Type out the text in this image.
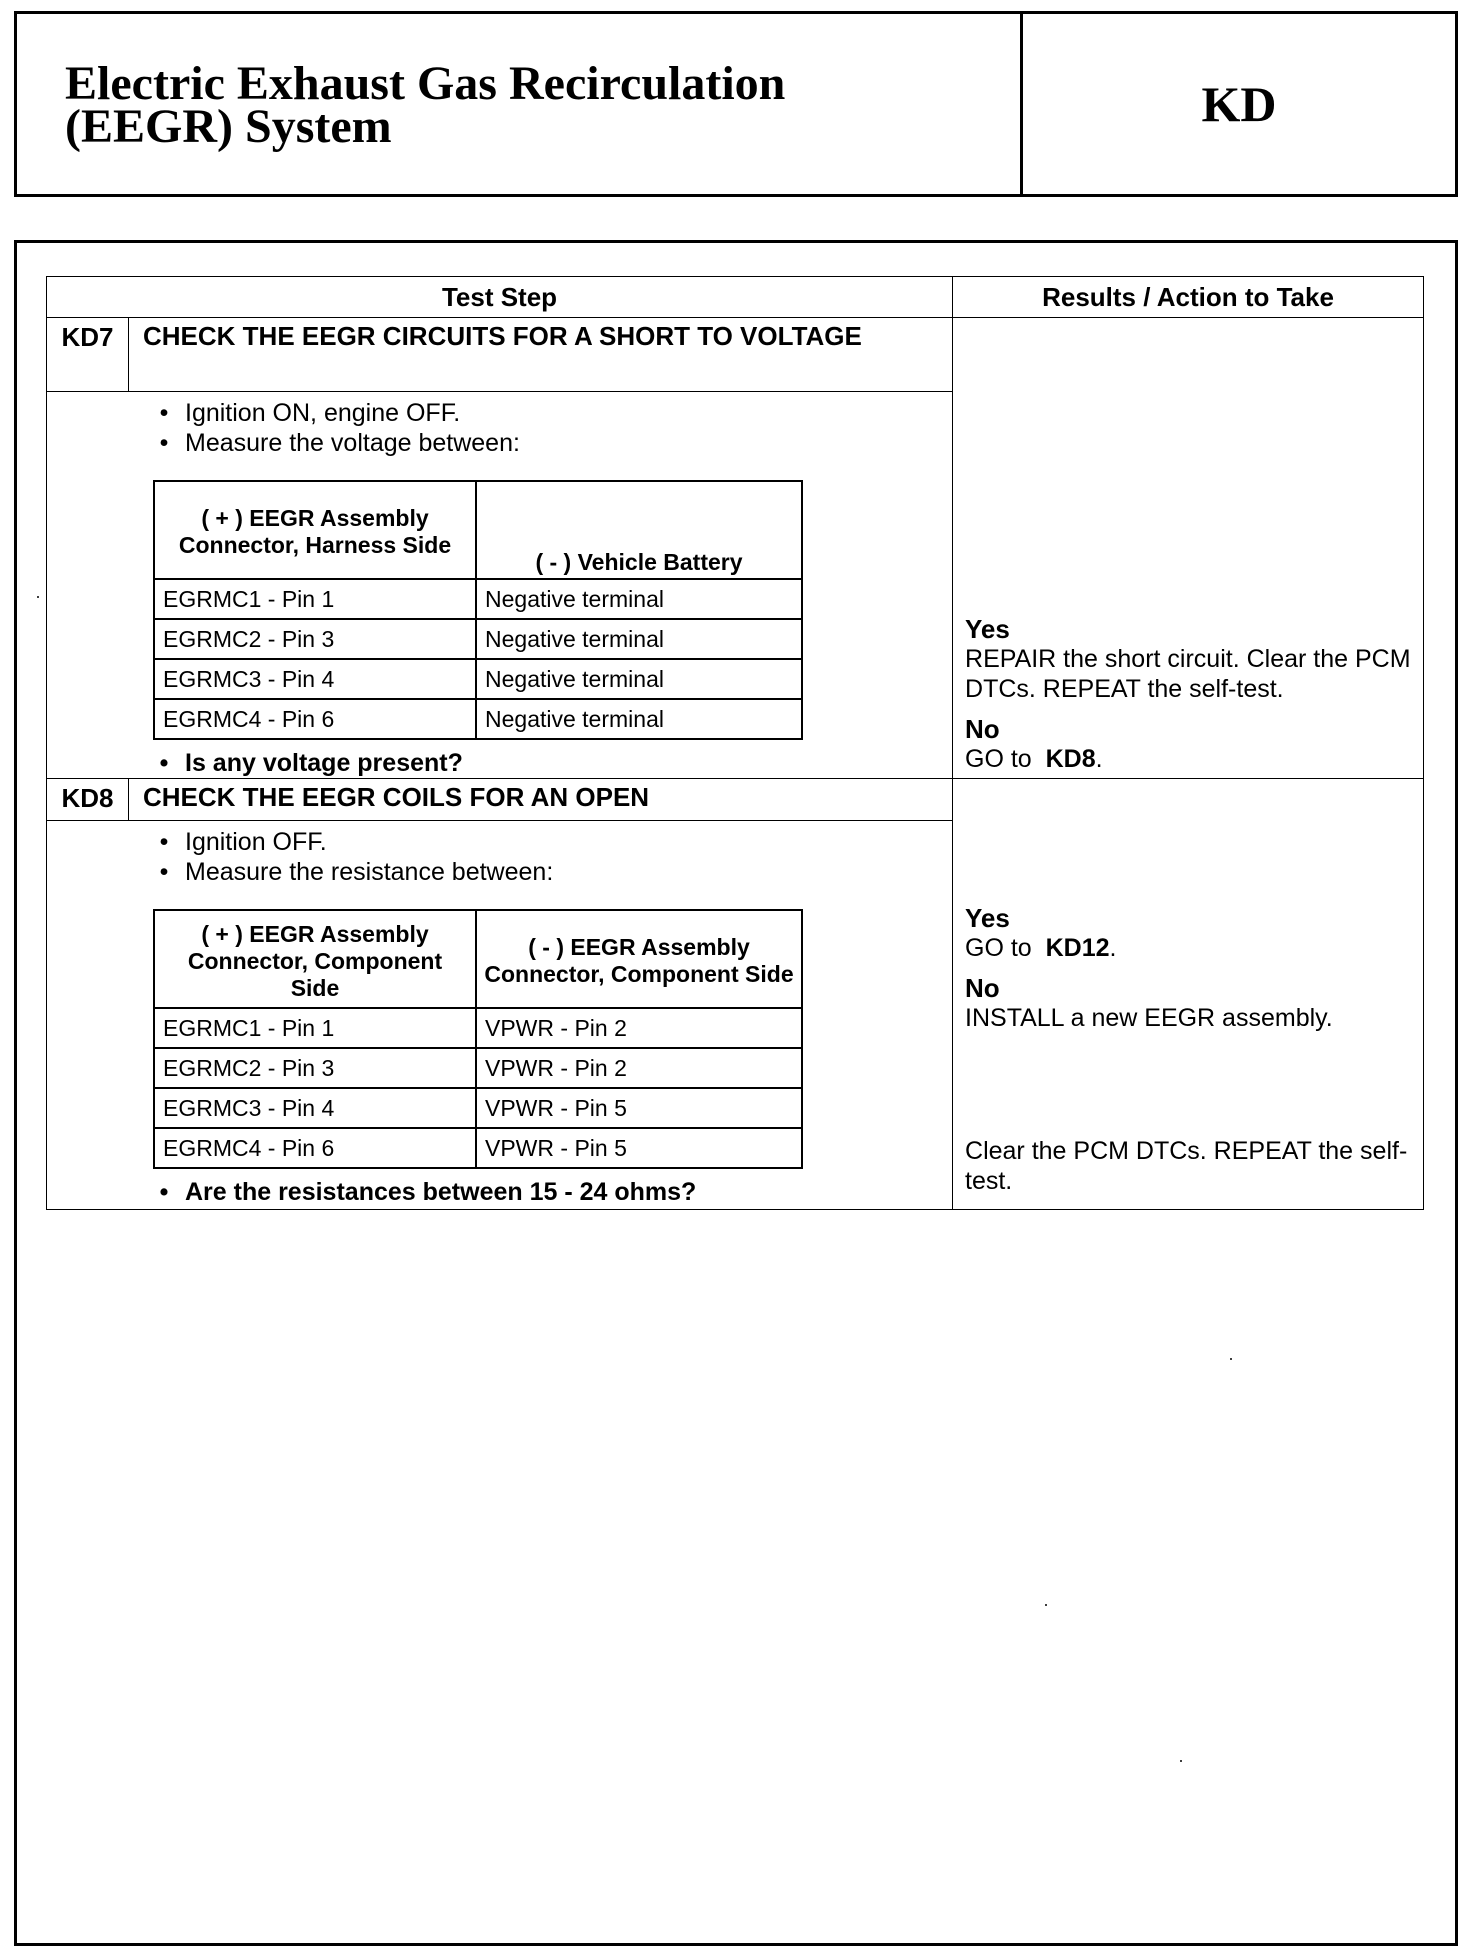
Electric Exhaust Gas Recirculation
(EEGR) System	KD
Test Step	Results / Action to Take
KD7	CHECK THE EEGR CIRCUITS FOR A SHORT TO VOLTAGE	
Yes
REPAIR the short circuit. Clear the PCM DTCs. REPEAT the self-test.
No
GO to KD8.

• Ignition ON, engine OFF.
• Measure the voltage between:
( + ) EEGR Assembly Connector, Harness Side	( - ) Vehicle Battery
EGRMC1 - Pin 1	Negative terminal
EGRMC2 - Pin 3	Negative terminal
EGRMC3 - Pin 4	Negative terminal
EGRMC4 - Pin 6	Negative terminal
• Is any voltage present?

KD8	CHECK THE EEGR COILS FOR AN OPEN	
Yes
GO to KD12.
No
INSTALL a new EEGR assembly.
Clear the PCM DTCs. REPEAT the self-test.

• Ignition OFF.
• Measure the resistance between:
( + ) EEGR Assembly Connector, Component Side	( - ) EEGR Assembly Connector, Component Side
EGRMC1 - Pin 1	VPWR - Pin 2
EGRMC2 - Pin 3	VPWR - Pin 2
EGRMC3 - Pin 4	VPWR - Pin 5
EGRMC4 - Pin 6	VPWR - Pin 5
• Are the resistances between 15 - 24 ohms?
